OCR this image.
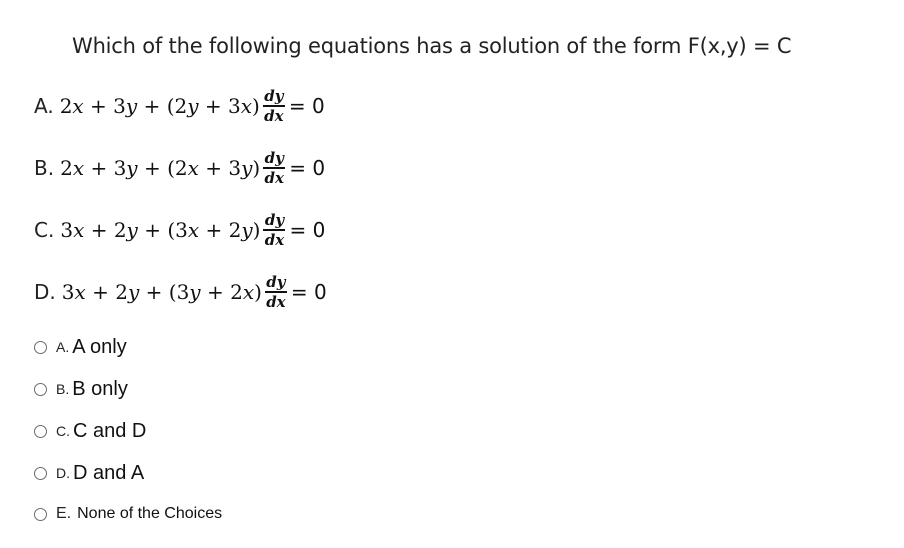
Which of the following equations has a solution of the form F(x,y) = C
A. $2x + 3y + (2y + 3x) \frac{dy}{dx} = 0$
B. $2x + 3y + (2x + 3y) \frac{dy}{dx} = 0$
C. $3x + 2y + (3x + 2y) \frac{dy}{dx} = 0$
D. $3x + 2y + (3y + 2x) \frac{dy}{dx} = 0$
A. A only
B. B only
C. C and D
D. D and A
E. None of the Choices
